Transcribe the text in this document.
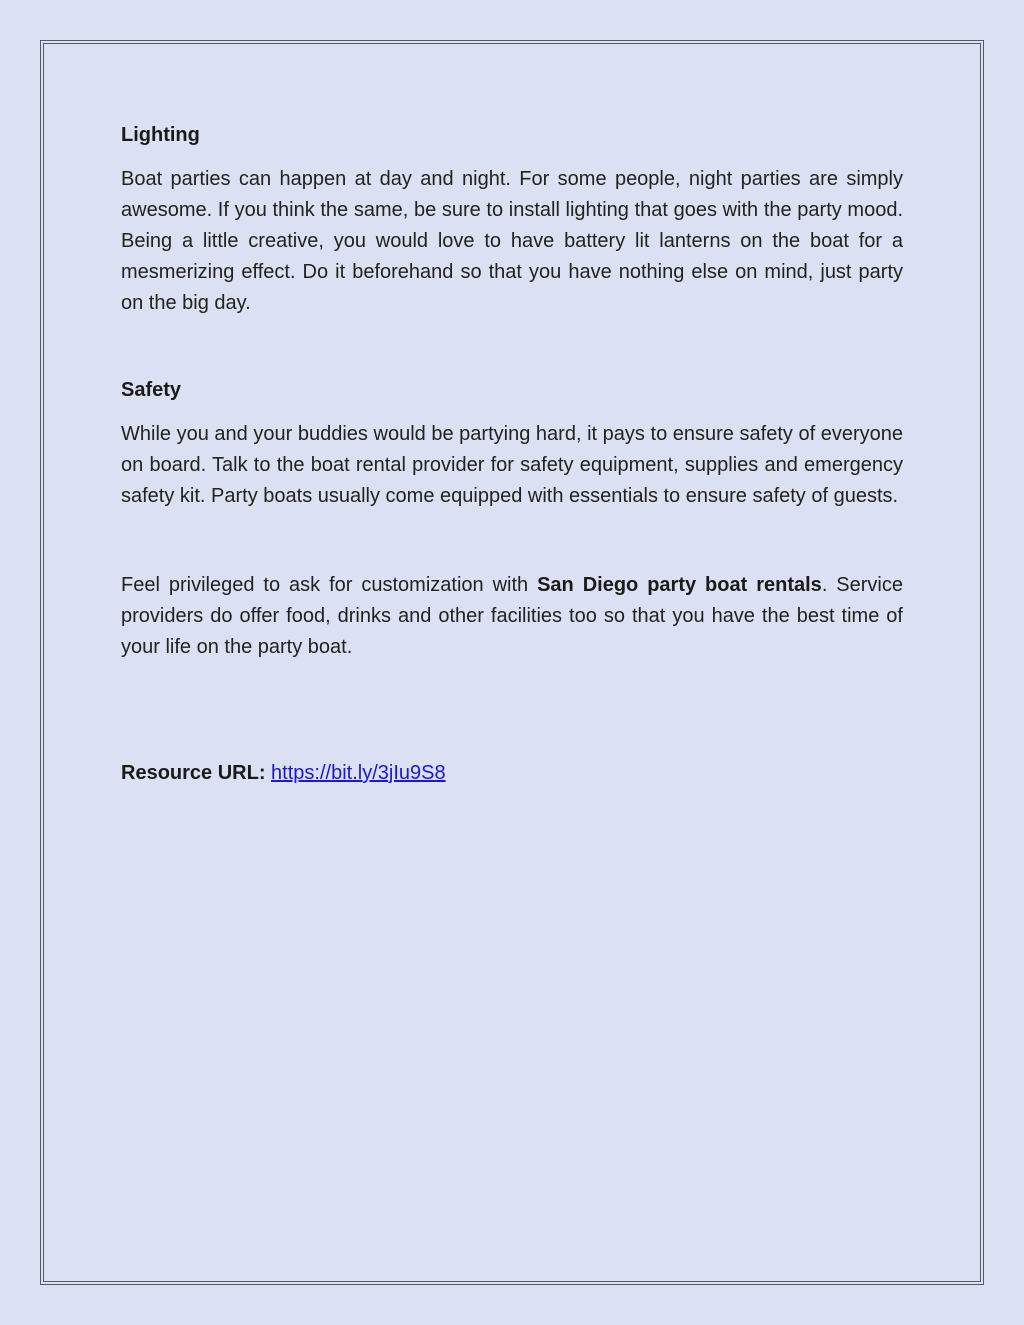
Lighting

Boat parties can happen at day and night. For some people, night parties are simply awesome. If you think the same, be sure to install lighting that goes with the party mood. Being a little creative, you would love to have battery lit lanterns on the boat for a mesmerizing effect. Do it beforehand so that you have nothing else on mind, just party on the big day.

Safety

While you and your buddies would be partying hard, it pays to ensure safety of everyone on board. Talk to the boat rental provider for safety equipment, supplies and emergency safety kit. Party boats usually come equipped with essentials to ensure safety of guests.

Feel privileged to ask for customization with San Diego party boat rentals. Service providers do offer food, drinks and other facilities too so that you have the best time of your life on the party boat.

Resource URL: https://bit.ly/3jIu9S8
